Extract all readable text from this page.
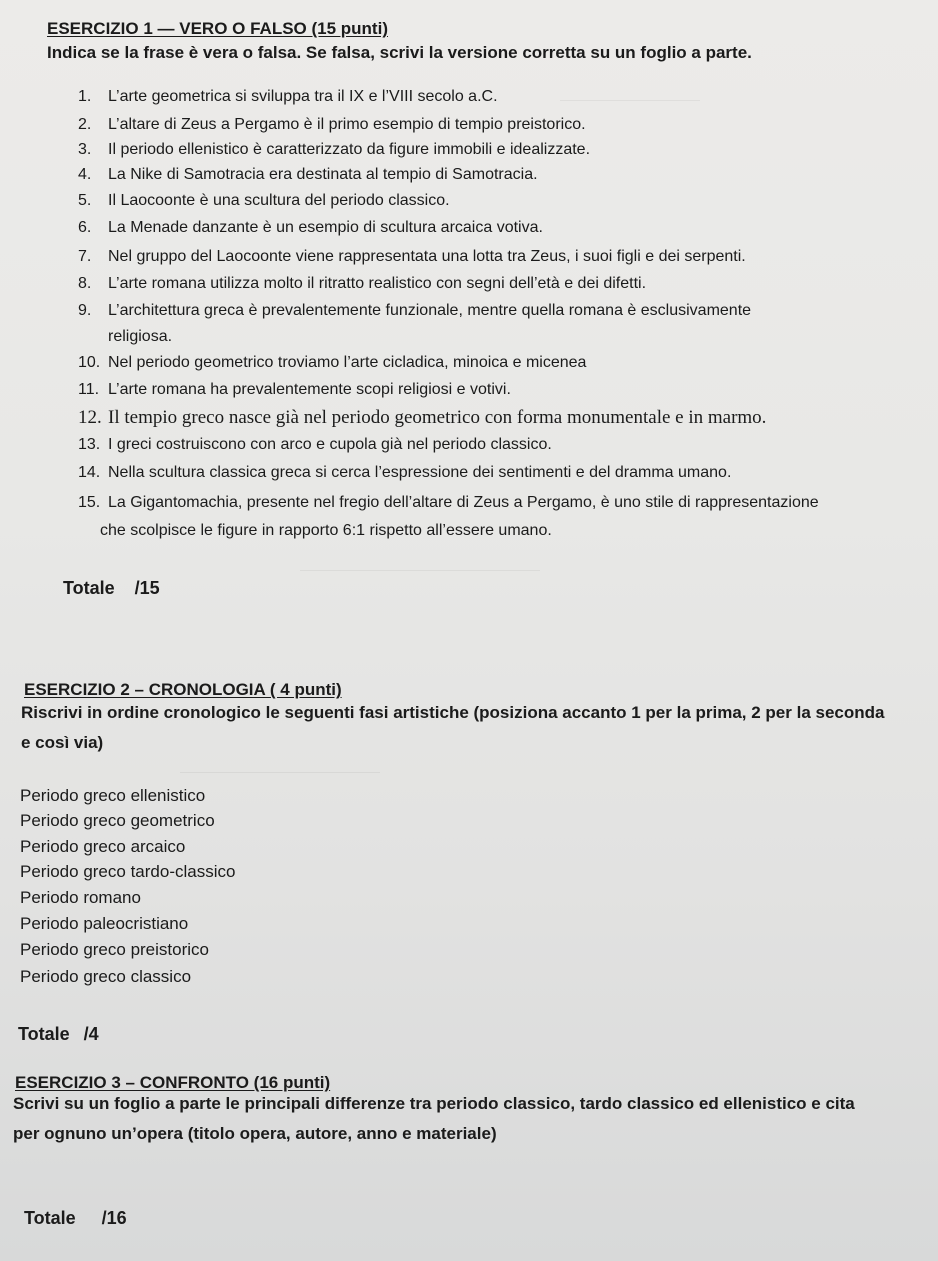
ESERCIZIO 1 — VERO O FALSO (15 punti)
Indica se la frase è vera o falsa. Se falsa, scrivi la versione corretta su un foglio a parte.
1. L’arte geometrica si sviluppa tra il IX e l’VIII secolo a.C.
2. L’altare di Zeus a Pergamo è il primo esempio di tempio preistorico.
3. Il periodo ellenistico è caratterizzato da figure immobili e idealizzate.
4. La Nike di Samotracia era destinata al tempio di Samotracia.
5. Il Laocoonte è una scultura del periodo classico.
6. La Menade danzante è un esempio di scultura arcaica votiva.
7. Nel gruppo del Laocoonte viene rappresentata una lotta tra Zeus, i suoi figli e dei serpenti.
8. L’arte romana utilizza molto il ritratto realistico con segni dell’età e dei difetti.
9. L’architettura greca è prevalentemente funzionale, mentre quella romana è esclusivamente
religiosa.
10. Nel periodo geometrico troviamo l’arte cicladica, minoica e micenea
11. L’arte romana ha prevalentemente scopi religiosi e votivi.
12. Il tempio greco nasce già nel periodo geometrico con forma monumentale e in marmo.
13. I greci costruiscono con arco e cupola già nel periodo classico.
14. Nella scultura classica greca si cerca l’espressione dei sentimenti e del dramma umano.
15. La Gigantomachia, presente nel fregio dell’altare di Zeus a Pergamo, è uno stile di rappresentazione
che scolpisce le figure in rapporto 6:1 rispetto all’essere umano.
Totale /15
ESERCIZIO 2 – CRONOLOGIA ( 4 punti)
Riscrivi in ordine cronologico le seguenti fasi artistiche (posiziona accanto 1 per la prima, 2 per la seconda
e così via)
Periodo greco ellenistico
Periodo greco geometrico
Periodo greco arcaico
Periodo greco tardo-classico
Periodo romano
Periodo paleocristiano
Periodo greco preistorico
Periodo greco classico
Totale /4
ESERCIZIO 3 – CONFRONTO (16 punti)
Scrivi su un foglio a parte le principali differenze tra periodo classico, tardo classico ed ellenistico e cita
per ognuno un’opera (titolo opera, autore, anno e materiale)
Totale /16
